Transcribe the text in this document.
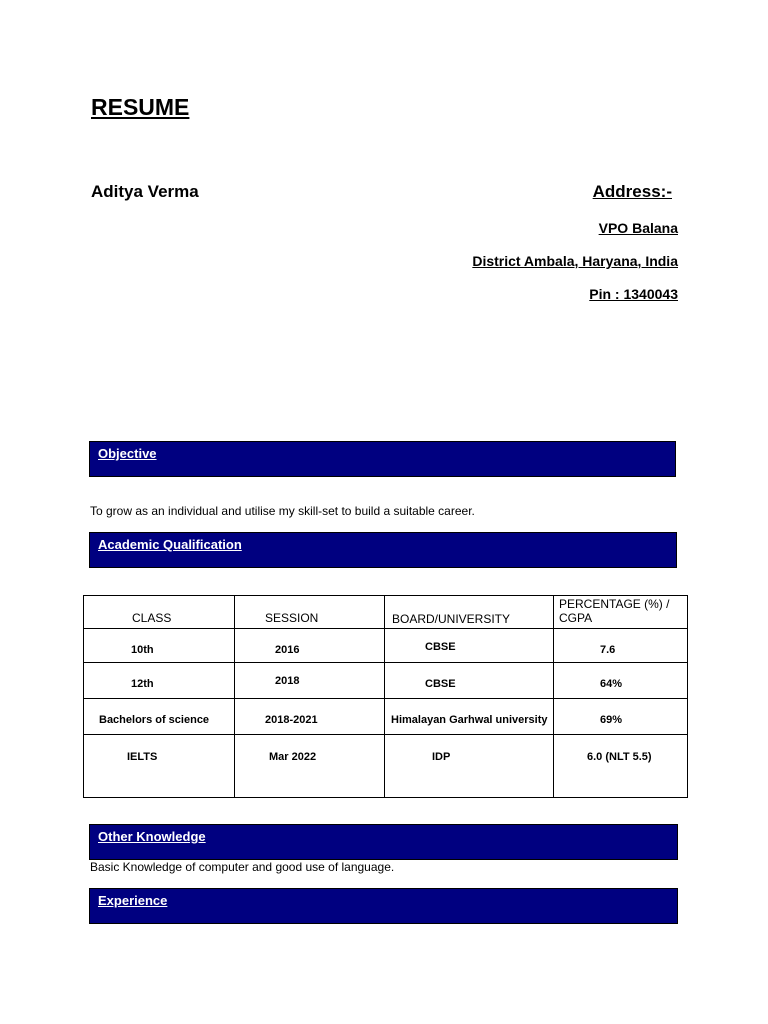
RESUME
Aditya Verma	Address:-
VPO Balana
District Ambala, Haryana, India
Pin : 1340043
Objective
To grow as an individual and utilise my skill-set to build a suitable career.
Academic Qualification
CLASS	SESSION	BOARD/UNIVERSITY	PERCENTAGE (%) / CGPA

10th	2016	CBSE	7.6

12th	2018	CBSE	64%

Bachelors of science	2018-2021	Himalayan Garhwal university	69%

IELTS	Mar 2022	IDP	6.0 (NLT 5.5)
Other Knowledge
Basic Knowledge of computer and good use of language.
Experience
